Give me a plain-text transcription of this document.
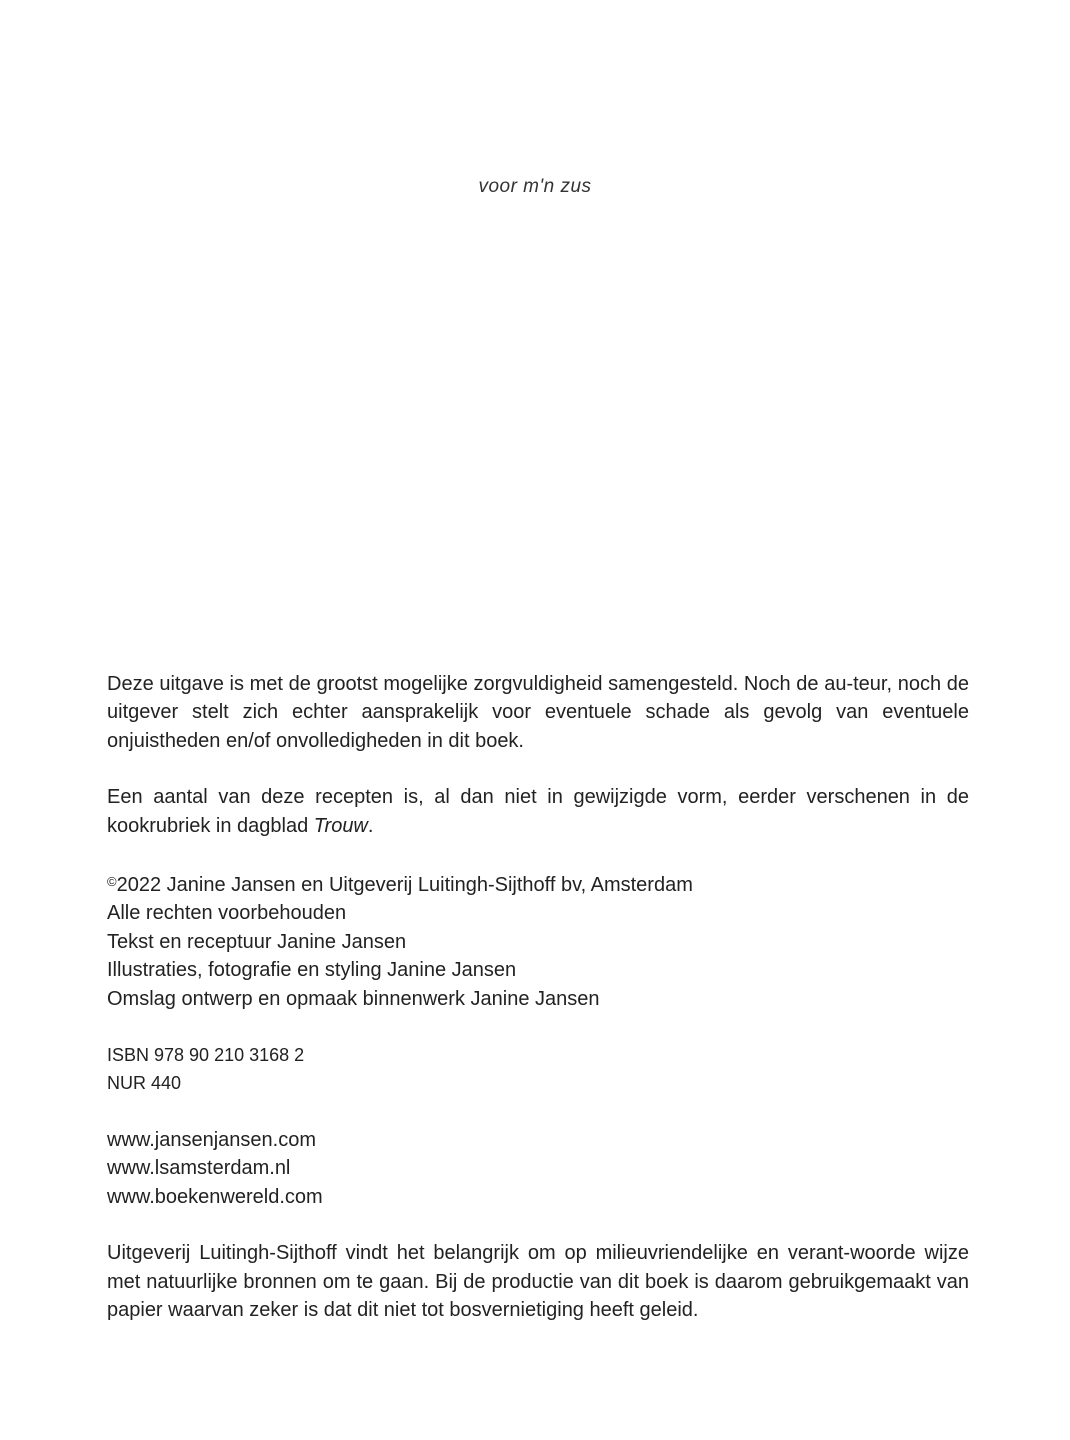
voor m'n zus

Deze uitgave is met de grootst mogelijke zorgvuldigheid samengesteld. Noch de au-teur, noch de uitgever stelt zich echter aansprakelijk voor eventuele schade als gevolg van eventuele onjuistheden en/of onvolledigheden in dit boek.

Een aantal van deze recepten is, al dan niet in gewijzigde vorm, eerder verschenen in de kookrubriek in dagblad Trouw.

©2022 Janine Jansen en Uitgeverij Luitingh-Sijthoff bv, Amsterdam
Alle rechten voorbehouden
Tekst en receptuur Janine Jansen
Illustraties, fotografie en styling Janine Jansen
Omslag ontwerp en opmaak binnenwerk Janine Jansen
ISBN 978 90 210 3168 2
NUR 440
www.jansenjansen.com
www.lsamsterdam.nl
www.boekenwereld.com

Uitgeverij Luitingh-Sijthoff vindt het belangrijk om op milieuvriendelijke en verant-woorde wijze met natuurlijke bronnen om te gaan. Bij de productie van dit boek is daarom gebruikgemaakt van papier waarvan zeker is dat dit niet tot bosvernietiging heeft geleid.
